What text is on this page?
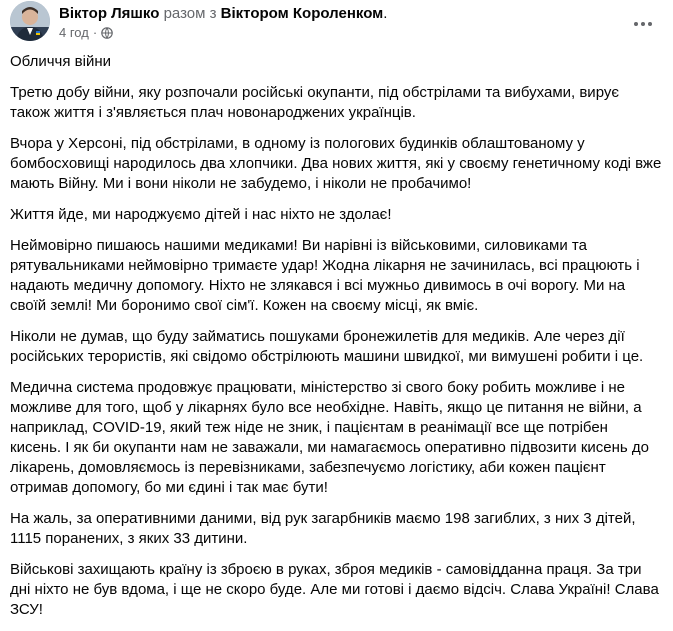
Віктор Ляшко разом з Віктором Короленком.
4 год ·

Обличчя війни

Третю добу війни, яку розпочали російські окупанти, під обстрілами та вибухами, вирує також життя і з'являється плач новонароджених українців.

Вчора у Херсоні, під обстрілами, в одному із пологових будинків облаштованому у бомбосховищі народилось два хлопчики. Два нових життя, які у своєму генетичному коді вже мають Війну. Ми і вони ніколи не забудемо, і ніколи не пробачимо!

Життя йде, ми народжуємо дітей і нас ніхто не здолає!

Неймовірно пишаюсь нашими медиками! Ви нарівні із військовими, силовиками та рятувальниками неймовірно тримаєте удар! Жодна лікарня не зачинилась, всі працюють і надають медичну допомогу. Ніхто не злякався і всі мужньо дивимось в очі ворогу. Ми на своїй землі! Ми боронимо свої сім'ї. Кожен на своєму місці, як вміє.

Ніколи не думав, що буду займатись пошуками бронежилетів для медиків. Але через дії російських терористів, які свідомо обстрілюють машини швидкої, ми вимушені робити і це.

Медична система продовжує працювати, міністерство зі свого боку робить можливе і не можливе для того, щоб у лікарнях було все необхідне. Навіть, якщо це питання не війни, а наприклад, COVID-19, який теж ніде не зник, і пацієнтам в реанімації все ще потрібен кисень. І як би окупанти нам не заважали, ми намагаємось оперативно підвозити кисень до лікарень, домовляємось із перевізниками, забезпечуємо логістику, аби кожен пацієнт отримав допомогу, бо ми єдині і так має бути!

На жаль, за оперативними даними, від рук загарбників маємо 198 загиблих, з них 3 дітей, 1115 поранених, з яких 33 дитини.

Військові захищають країну із зброєю в руках, зброя медиків - самовідданна праця. За три дні ніхто не був вдома, і ще не скоро буде. Але ми готові і даємо відсіч. Слава Україні! Слава ЗСУ!
